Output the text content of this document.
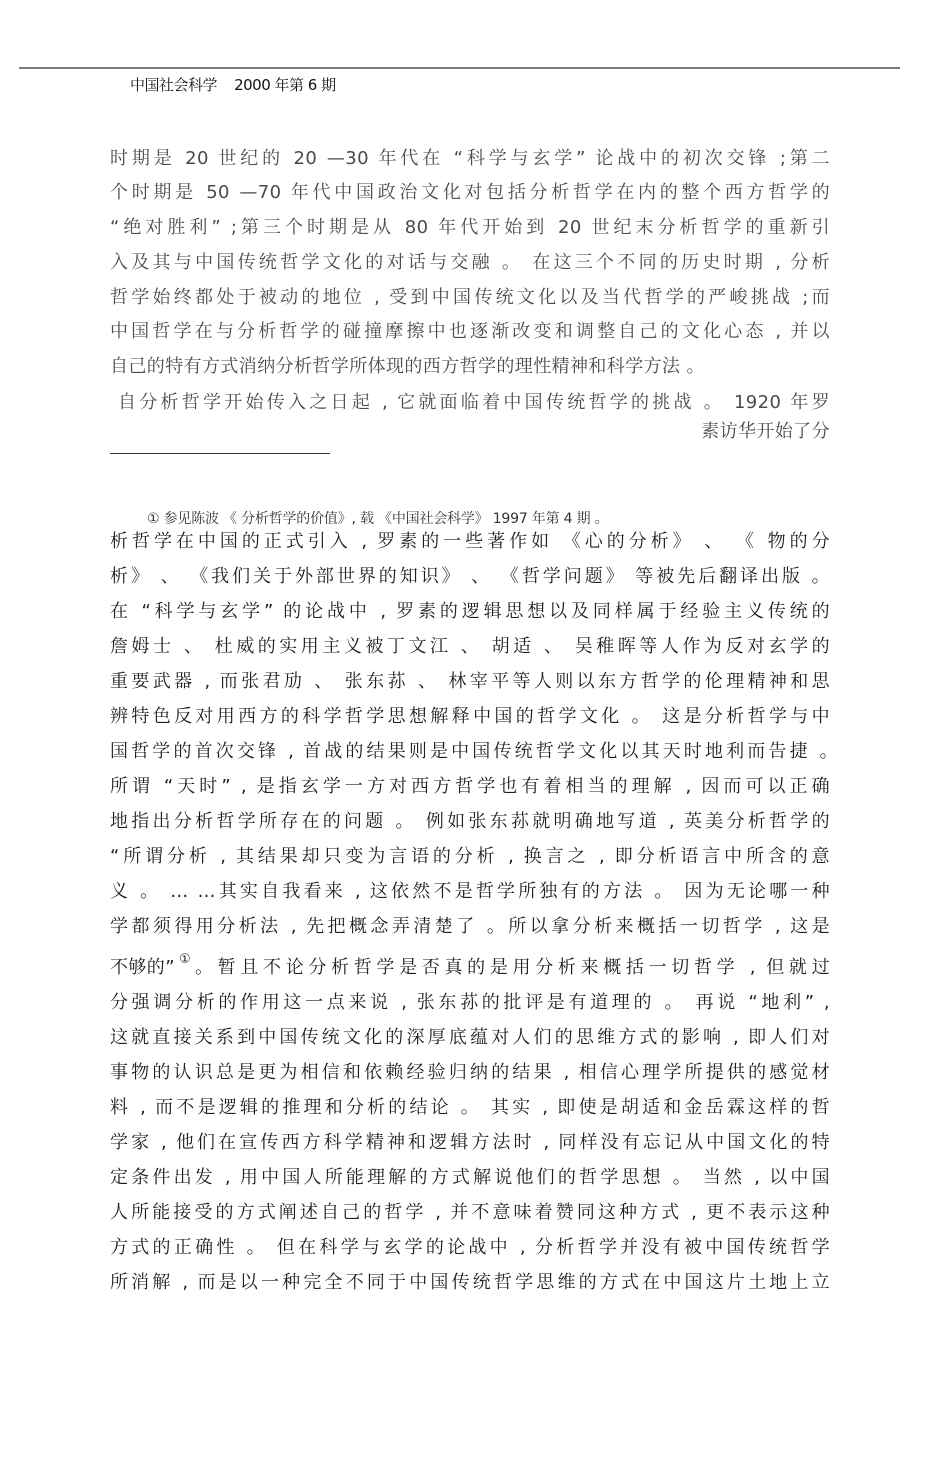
中国社会科学    2000 年第 6 期
时期是 20 世纪的 20 —30 年代在 “科学与玄学” 论战中的初次交锋 ;第二
个时期是 50 —70 年代中国政治文化对包括分析哲学在内的整个西方哲学的
“绝对胜利” ;第三个时期是从 80 年代开始到 20 世纪末分析哲学的重新引
入及其与中国传统哲学文化的对话与交融 。 在这三个不同的历史时期 , 分析
哲学始终都处于被动的地位 , 受到中国传统文化以及当代哲学的严峻挑战 ;而
中国哲学在与分析哲学的碰撞摩擦中也逐渐改变和调整自己的文化心态 , 并以
自己的特有方式消纳分析哲学所体现的西方哲学的理性精神和科学方法 。
自分析哲学开始传入之日起 , 它就面临着中国传统哲学的挑战 。 1920 年罗
素访华开始了分
① 参见陈波 《 分析哲学的价值》, 载 《中国社会科学》 1997 年第 4 期 。
析哲学在中国的正式引入 , 罗素的一些著作如 《心的分析》 、 《 物的分
析》 、 《我们关于外部世界的知识》 、 《哲学问题》 等被先后翻译出版 。
在 “科学与玄学” 的论战中 , 罗素的逻辑思想以及同样属于经验主义传统的
詹姆士 、 杜威的实用主义被丁文江 、 胡适 、 吴稚晖等人作为反对玄学的
重要武器 , 而张君劢 、 张东荪 、 林宰平等人则以东方哲学的伦理精神和思
辨特色反对用西方的科学哲学思想解释中国的哲学文化 。 这是分析哲学与中
国哲学的首次交锋 , 首战的结果则是中国传统哲学文化以其天时地利而告捷 。
所谓 “天时” , 是指玄学一方对西方哲学也有着相当的理解 , 因而可以正确
地指出分析哲学所存在的问题 。 例如张东荪就明确地写道 , 英美分析哲学的
“所谓分析 , 其结果却只变为言语的分析 , 换言之 , 即分析语言中所含的意
义 。 … …其实自我看来 , 这依然不是哲学所独有的方法 。 因为无论哪一种
学都须得用分析法 , 先把概念弄清楚了 。所以拿分析来概括一切哲学 , 这是
不够的” ① 。暂且不论分析哲学是否真的是用分析来概括一切哲学 , 但就过
分强调分析的作用这一点来说 , 张东荪的批评是有道理的 。 再说 “地利” ,
这就直接关系到中国传统文化的深厚底蕴对人们的思维方式的影响 , 即人们对
事物的认识总是更为相信和依赖经验归纳的结果 , 相信心理学所提供的感觉材
料 , 而不是逻辑的推理和分析的结论 。 其实 , 即使是胡适和金岳霖这样的哲
学家 , 他们在宣传西方科学精神和逻辑方法时 , 同样没有忘记从中国文化的特
定条件出发 , 用中国人所能理解的方式解说他们的哲学思想 。 当然 , 以中国
人所能接受的方式阐述自己的哲学 , 并不意味着赞同这种方式 , 更不表示这种
方式的正确性 。 但在科学与玄学的论战中 , 分析哲学并没有被中国传统哲学
所消解 , 而是以一种完全不同于中国传统哲学思维的方式在中国这片土地上立
